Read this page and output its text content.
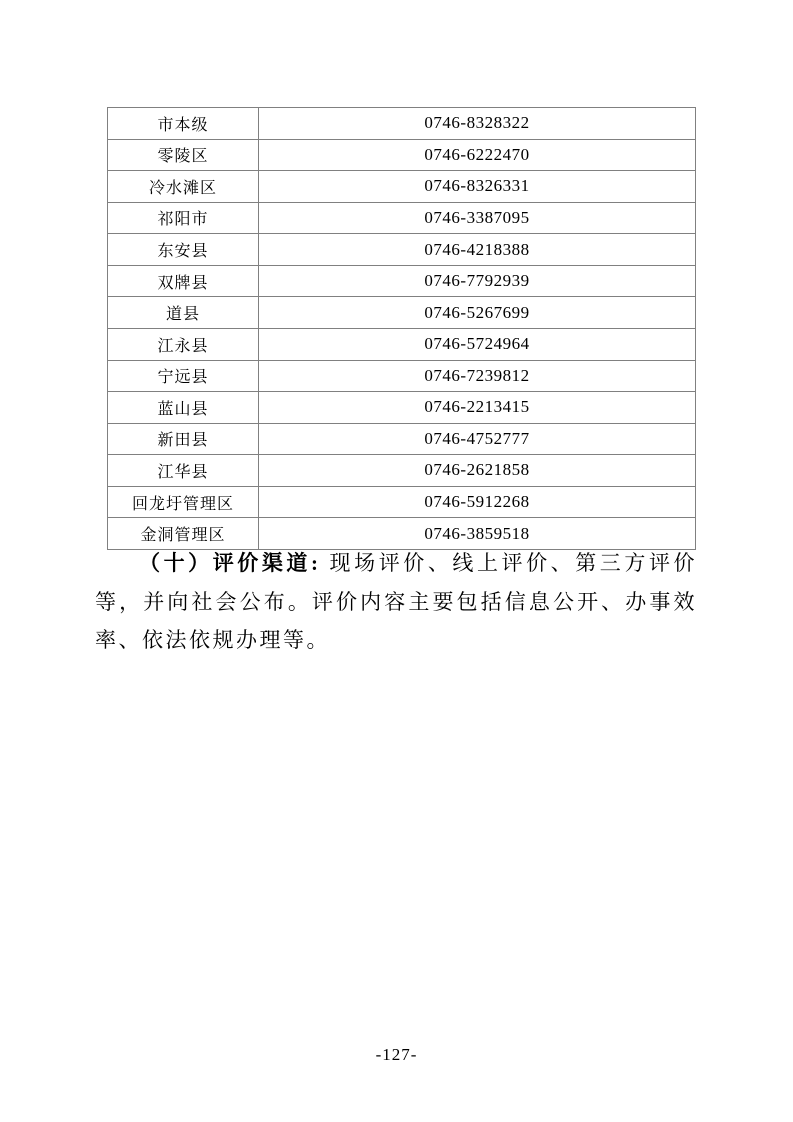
市本级	0746-8328322
零陵区	0746-6222470
冷水滩区	0746-8326331
祁阳市	0746-3387095
东安县	0746-4218388
双牌县	0746-7792939
道县	0746-5267699
江永县	0746-5724964
宁远县	0746-7239812
蓝山县	0746-2213415
新田县	0746-4752777
江华县	0746-2621858
回龙圩管理区	0746-5912268
金洞管理区	0746-3859518

（十）评价渠道: 现场评价、线上评价、第三方评价等，并向社会公布。评价内容主要包括信息公开、办事效率、依法依规办理等。

-127-
